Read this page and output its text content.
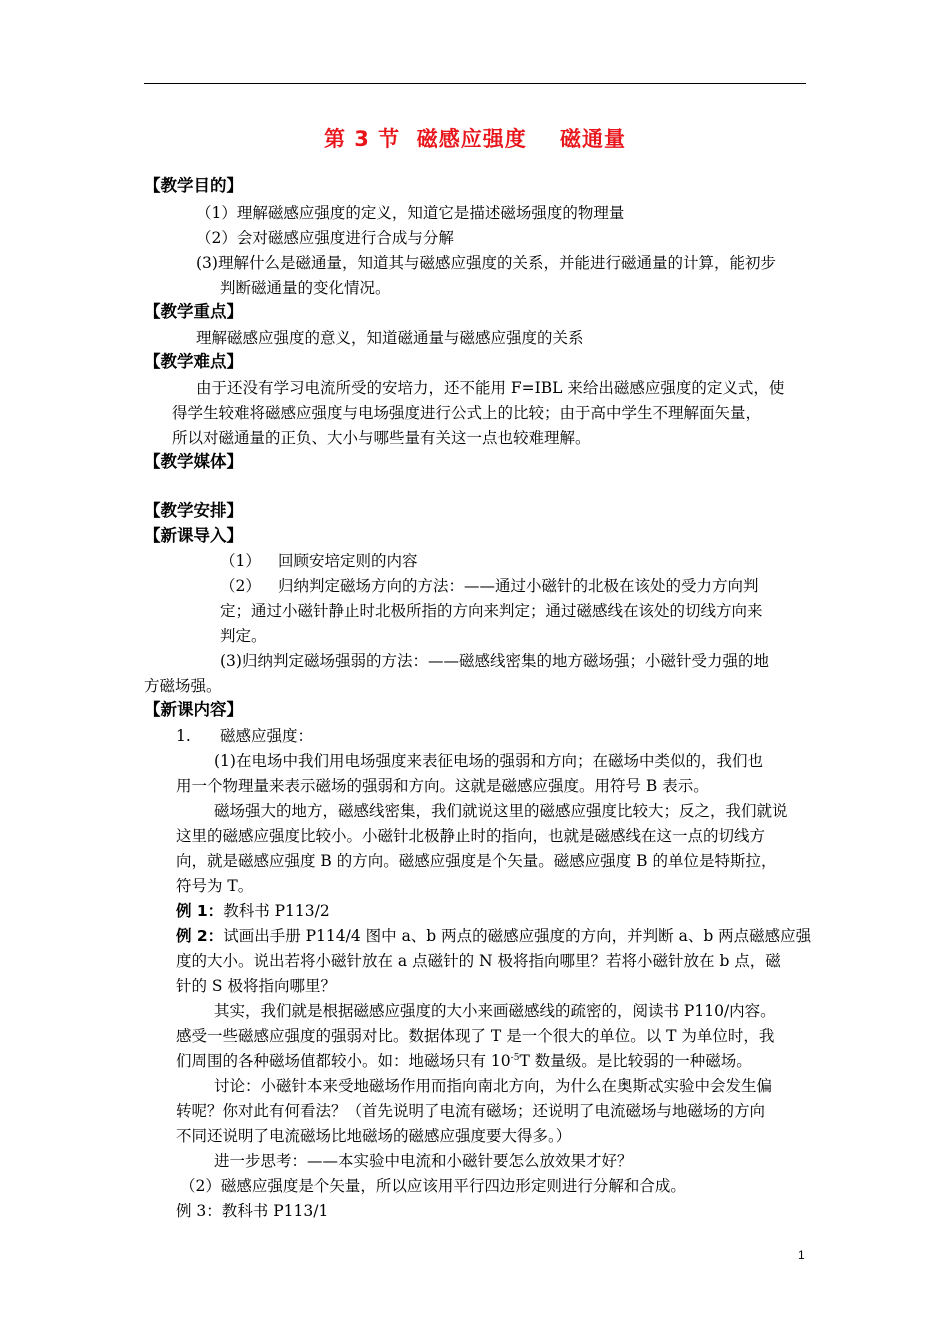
第 3 节  磁感应强度    磁通量
【教学目的】
（1）理解磁感应强度的定义，知道它是描述磁场强度的物理量
（2）会对磁感应强度进行合成与分解
(3)理解什么是磁通量，知道其与磁感应强度的关系，并能进行磁通量的计算，能初步
判断磁通量的变化情况。
【教学重点】
理解磁感应强度的意义，知道磁通量与磁感应强度的关系
【教学难点】
由于还没有学习电流所受的安培力，还不能用 F=IBL 来给出磁感应强度的定义式，使
得学生较难将磁感应强度与电场强度进行公式上的比较；由于高中学生不理解面矢量，
所以对磁通量的正负、大小与哪些量有关这一点也较难理解。
【教学媒体】
【教学安排】
【新课导入】
（1） 回顾安培定则的内容
（2） 归纳判定磁场方向的方法：——通过小磁针的北极在该处的受力方向判
定；通过小磁针静止时北极所指的方向来判定；通过磁感线在该处的切线方向来
判定。
(3)归纳判定磁场强弱的方法：——磁感线密集的地方磁场强；小磁针受力强的地
方磁场强。
【新课内容】
1. 磁感应强度：
(1)在电场中我们用电场强度来表征电场的强弱和方向；在磁场中类似的，我们也
用一个物理量来表示磁场的强弱和方向。这就是磁感应强度。用符号 B 表示。
磁场强大的地方，磁感线密集，我们就说这里的磁感应强度比较大；反之，我们就说
这里的磁感应强度比较小。小磁针北极静止时的指向，也就是磁感线在这一点的切线方
向，就是磁感应强度 B 的方向。磁感应强度是个矢量。磁感应强度 B 的单位是特斯拉，
符号为 T。
例 1：教科书 P113/2
例 2：试画出手册 P114/4 图中 a、b 两点的磁感应强度的方向，并判断 a、b 两点磁感应强
度的大小。说出若将小磁针放在 a 点磁针的 N 极将指向哪里？若将小磁针放在 b 点，磁
针的 S 极将指向哪里？
其实，我们就是根据磁感应强度的大小来画磁感线的疏密的，阅读书 P110/内容。
感受一些磁感应强度的强弱对比。数据体现了 T 是一个很大的单位。以 T 为单位时，我
们周围的各种磁场值都较小。如：地磁场只有 $10^{-5}T$ 数量级。是比较弱的一种磁场。
讨论：小磁针本来受地磁场作用而指向南北方向，为什么在奥斯忒实验中会发生偏
转呢？你对此有何看法？（首先说明了电流有磁场；还说明了电流磁场与地磁场的方向
不同还说明了电流磁场比地磁场的磁感应强度要大得多。）
进一步思考：——本实验中电流和小磁针要怎么放效果才好？
（2）磁感应强度是个矢量，所以应该用平行四边形定则进行分解和合成。
例 3：教科书 P113/1
1
